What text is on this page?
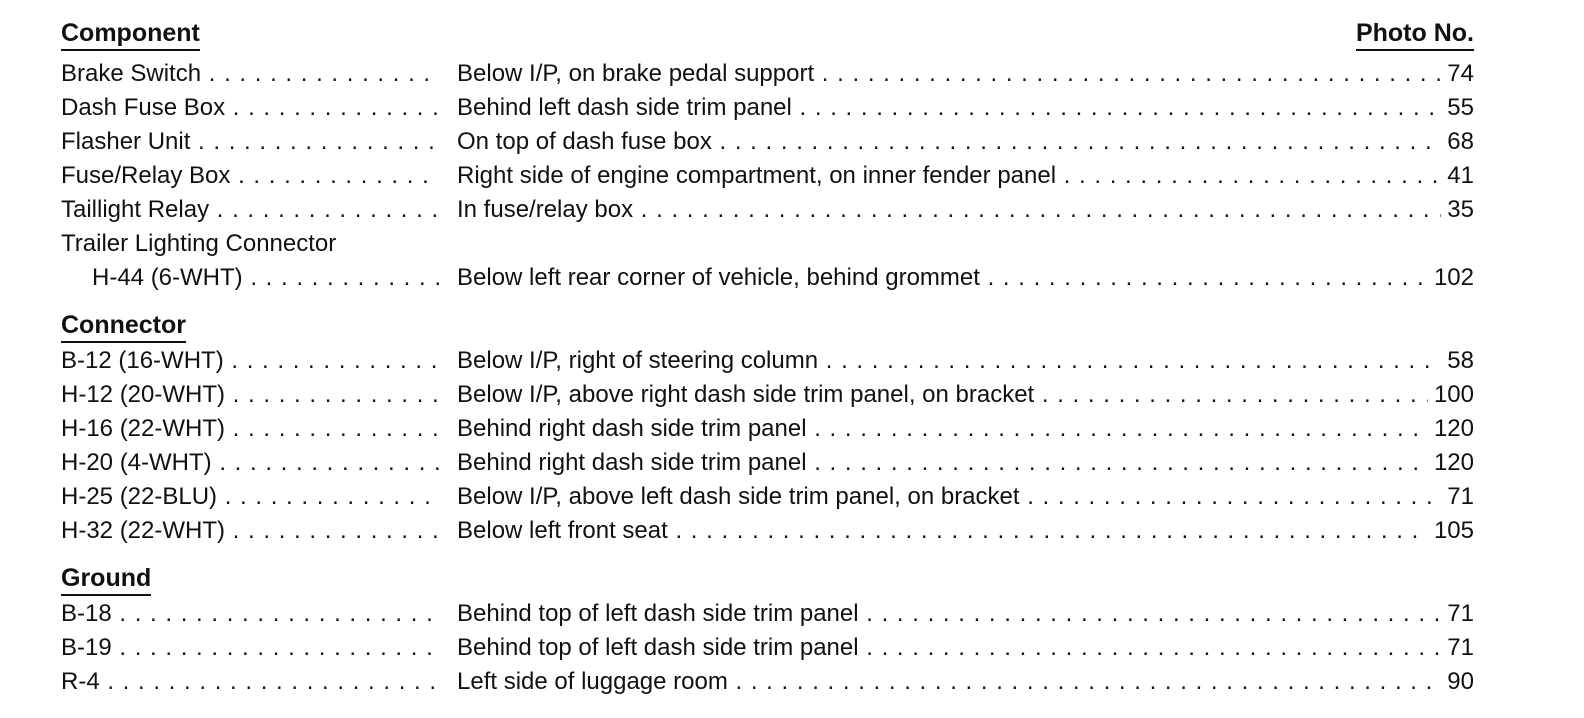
Component	Photo No.
Brake Switch . . .	Below I/P, on brake pedal support . . .	74
Dash Fuse Box . . .	Behind left dash side trim panel . . .	55
Flasher Unit . . .	On top of dash fuse box . . .	68
Fuse/Relay Box . . .	Right side of engine compartment, on inner fender panel . . .	41
Taillight Relay . . .	In fuse/relay box . . .	35
Trailer Lighting Connector
H-44 (6-WHT) . . .	Below left rear corner of vehicle, behind grommet . . .	102
Connector
B-12 (16-WHT) . . .	Below I/P, right of steering column . . .	58
H-12 (20-WHT) . . .	Below I/P, above right dash side trim panel, on bracket . . .	100
H-16 (22-WHT) . . .	Behind right dash side trim panel . . .	120
H-20 (4-WHT) . . .	Behind right dash side trim panel . . .	120
H-25 (22-BLU) . . .	Below I/P, above left dash side trim panel, on bracket . . .	71
H-32 (22-WHT) . . .	Below left front seat . . .	105
Ground
B-18 . . .	Behind top of left dash side trim panel . . .	71
B-19 . . .	Behind top of left dash side trim panel . . .	71
R-4 . . .	Left side of luggage room . . .	90
